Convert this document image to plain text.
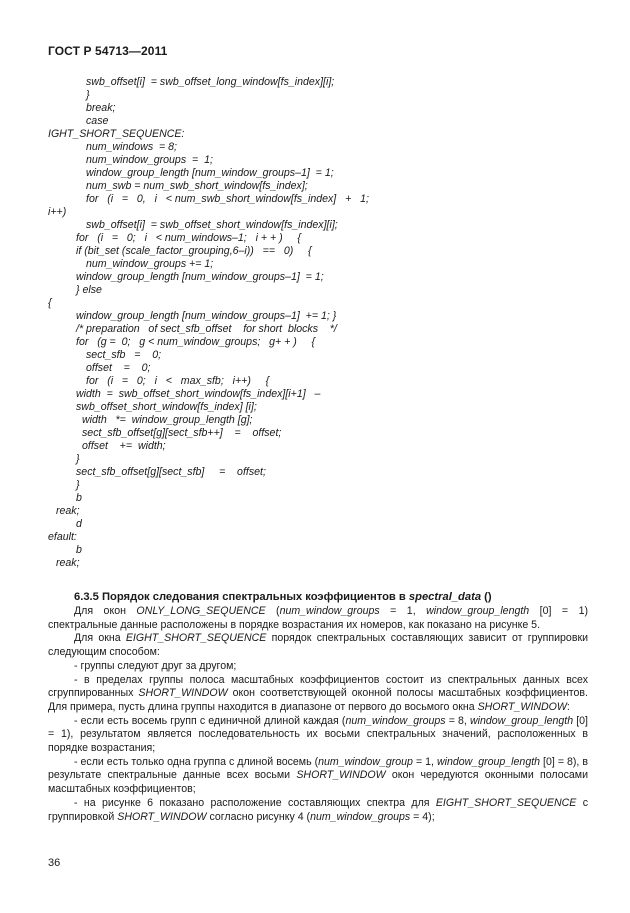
ГОСТ Р 54713—2011
swb_offset[i]  = swb_offset_long_window[fs_index][i];
}
break;
case
IGHT_SHORT_SEQUENCE:
num_windows  = 8;
num_window_groups  =  1;
window_group_length [num_window_groups–1]  = 1;
num_swb = num_swb_short_window[fs_index];
for   (i   =   0,   i   < num_swb_short_window[fs_index]   +   1;
i++)
swb_offset[i]  = swb_offset_short_window[fs_index][i];
for   (i   =   0;   i   < num_windows–1;   i + + )     {
if (bit_set (scale_factor_grouping,6–i))   ==   0)     {
num_window_groups += 1;
window_group_length [num_window_groups–1]  = 1;
} else
{
window_group_length [num_window_groups–1]  += 1; }
/* preparation   of sect_sfb_offset    for short  blocks    */
for   (g =  0;   g < num_window_groups;   g+ + )     {
sect_sfb   =    0;
offset    =    0;
for   (i   =   0;   i   <   max_sfb;   i++)     {
width  =  swb_offset_short_window[fs_index][i+1]   –
swb_offset_short_window[fs_index] [i];
width   *=  window_group_length [g];
sect_sfb_offset[g][sect_sfb++]    =    offset;
offset    +=  width;
}
sect_sfb_offset[g][sect_sfb]     =    offset;
}
b
reak;
d
efault:
b
reak;
6.3.5 Порядок следования спектральных коэффициентов в spectral_data ()

Для окон ONLY_LONG_SEQUENCE (num_window_groups = 1, window_group_length [0] = 1) спектральные данные расположены в порядке возрастания их номеров, как показано на рисунке 5.

Для окна EIGHT_SHORT_SEQUENCE порядок спектральных составляющих зависит от группировки следующим способом:

- группы следуют друг за другом;

- в пределах группы полоса масштабных коэффициентов состоит из спектральных данных всех сгруппированных SHORT_WINDOW окон соответствующей оконной полосы масштабных коэффициентов. Для примера, пусть длина группы находится в диапазоне от первого до восьмого окна SHORT_WINDOW:

- если есть восемь групп с единичной длиной каждая (num_window_groups = 8, window_group_length [0] = 1), результатом является последовательность их восьми спектральных значений, расположенных в порядке возрастания;

- если есть только одна группа с длиной восемь (num_window_group = 1, window_group_length [0] = 8), в результате спектральные данные всех восьми SHORT_WINDOW окон чередуются оконными полосами масштабных коэффициентов;

- на рисунке 6 показано расположение составляющих спектра для EIGHT_SHORT_SEQUENCE с группировкой SHORT_WINDOW согласно рисунку 4 (num_window_groups = 4);

36
